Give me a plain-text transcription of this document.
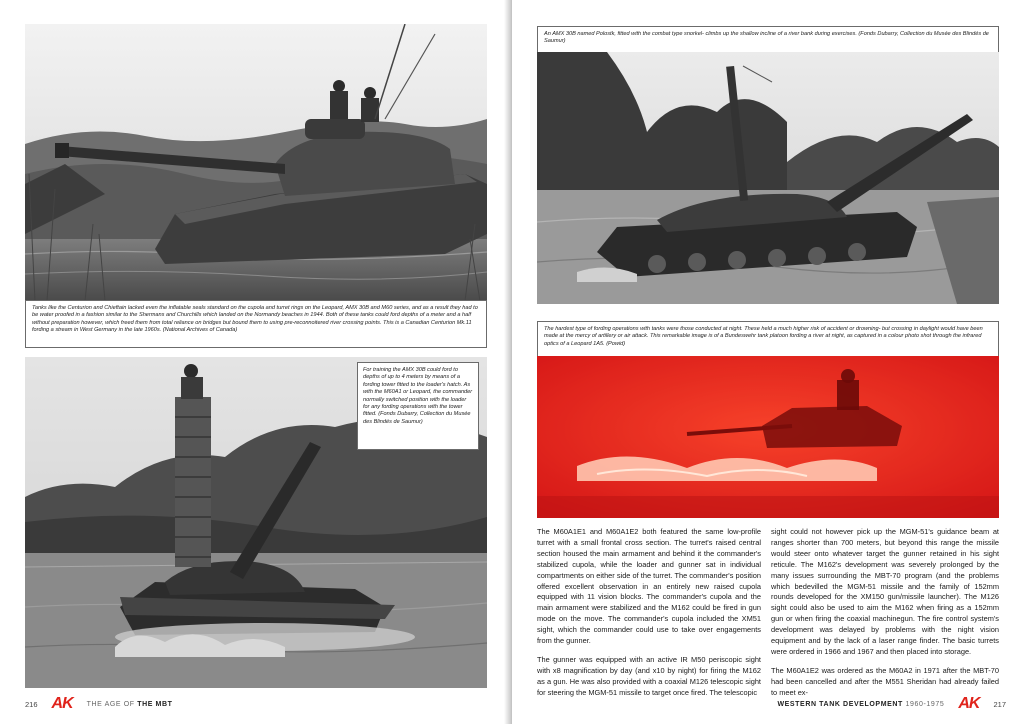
Tanks like the Centurion and Chieftain lacked even the inflatable seals standard on the cupola and turret rings on the Leopard, AMX 30B and M60 series, and as a result they had to be water proofed in a fashion similar to the Shermans and Churchills which landed on the Normandy beaches in 1944. Both of these tanks could ford depths of a meter and a half without preparation however, which freed them from total reliance on bridges but bound them to using pre-reconnoitered river crossing points. This is a Canadian Centurion Mk.11 fording a stream in West Germany in the late 1960s. (National Archives of Canada)
For training the AMX 30B could ford to depths of up to 4 meters by means of a fording tower fitted to the loader's hatch. As with the M60A1 or Leopard, the commander normally switched position with the loader for any fording operations with the tower fitted. (Fonds Dubarry, Collection du Musée des Blindés de Saumur)
216 AK THE AGE OF THE MBT
An AMX 30B named Polostk, fitted with the combat type snorkel- climbs up the shallow incline of a river bank during exercises. (Fonds Dubarry, Collection du Musée des Blindés de Saumur)
The hardest type of fording operations with tanks were those conducted at night. These held a much higher risk of accident or drowning- but crossing in daylight would have been made at the mercy of artillery or air attack. This remarkable image is of a Bundeswehr tank platoon fording a river at night, as captured in a colour photo shot through the infrared optics of a Leopard 1A5. (Powid)

The M60A1E1 and M60A1E2 both featured the same low-profile turret with a small frontal cross section. The turret's raised central section housed the main armament and behind it the commander's stabilized cupola, while the loader and gunner sat in individual compartments on either side of the turret. The commander's position offered excellent observation in an entirely new raised cupola equipped with 11 vision blocks. The commander's cupola and the main armament were stabilized and the M162 could be fired in gun mode on the move. The commander's cupola included the XM51 sight, which the commander could use to take over engagements from the gunner.

The gunner was equipped with an active IR M50 periscopic sight with x8 magnification by day (and x10 by night) for firing the M162 as a gun. He was also provided with a coaxial M126 telescopic sight for steering the MGM-51 missile to target once fired. The telescopic

sight could not however pick up the MGM-51's guidance beam at ranges shorter than 700 meters, but beyond this range the missile would steer onto whatever target the gunner retained in his sight reticule. The M162's development was severely prolonged by the many issues surrounding the MBT-70 program (and the problems which bedevilled the MGM-51 missile and the family of 152mm rounds developed for the XM150 gun/missile launcher). The M126 sight could also be used to aim the M162 when firing as a 152mm gun or when firing the coaxial machinegun. The fire control system's development was delayed by problems with the night vision equipment and by the lack of a laser range finder. The basic turrets were ordered in 1966 and 1967 and then placed into storage.

The M60A1E2 was ordered as the M60A2 in 1971 after the MBT-70 had been cancelled and after the M551 Sheridan had already failed to meet ex-

WESTERN TANK DEVELOPMENT 1960-1975 AK 217
